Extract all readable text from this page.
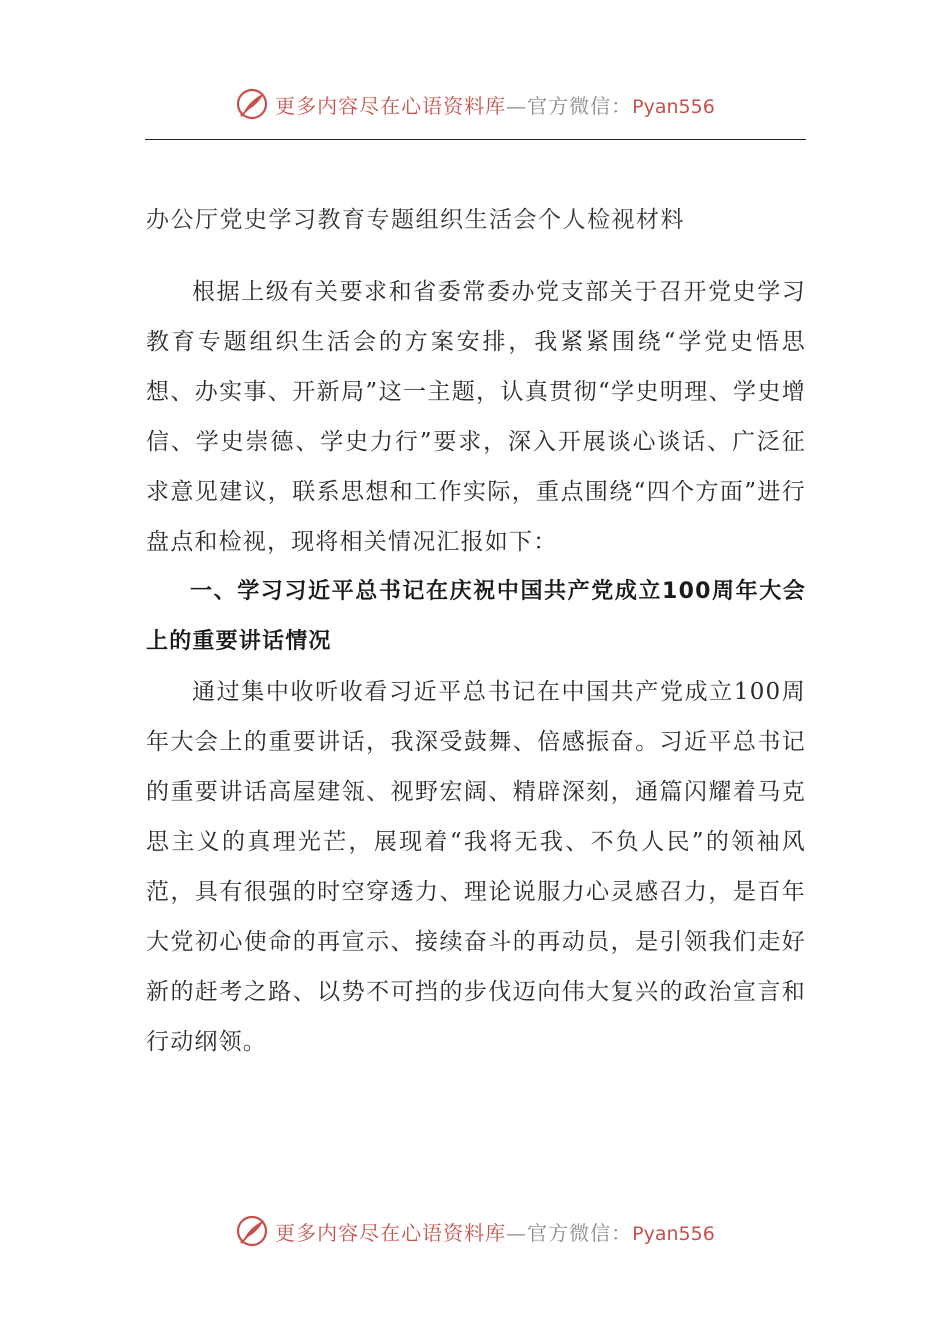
更多内容尽在心语资料库—官方微信：Pyan556
办公厅党史学习教育专题组织生活会个人检视材料

根据上级有关要求和省委常委办党支部关于召开党史学习教育专题组织生活会的方案安排，我紧紧围绕“学党史悟思想、办实事、开新局”这一主题，认真贯彻“学史明理、学史增信、学史崇德、学史力行”要求，深入开展谈心谈话、广泛征求意见建议，联系思想和工作实际，重点围绕“四个方面”进行盘点和检视，现将相关情况汇报如下：

一、学习习近平总书记在庆祝中国共产党成立100周年大会上的重要讲话情况

通过集中收听收看习近平总书记在中国共产党成立100周年大会上的重要讲话，我深受鼓舞、倍感振奋。习近平总书记的重要讲话高屋建瓴、视野宏阔、精辟深刻，通篇闪耀着马克思主义的真理光芒，展现着“我将无我、不负人民”的领袖风范，具有很强的时空穿透力、理论说服力心灵感召力，是百年大党初心使命的再宣示、接续奋斗的再动员，是引领我们走好新的赶考之路、以势不可挡的步伐迈向伟大复兴的政治宣言和行动纲领。

更多内容尽在心语资料库—官方微信：Pyan556
